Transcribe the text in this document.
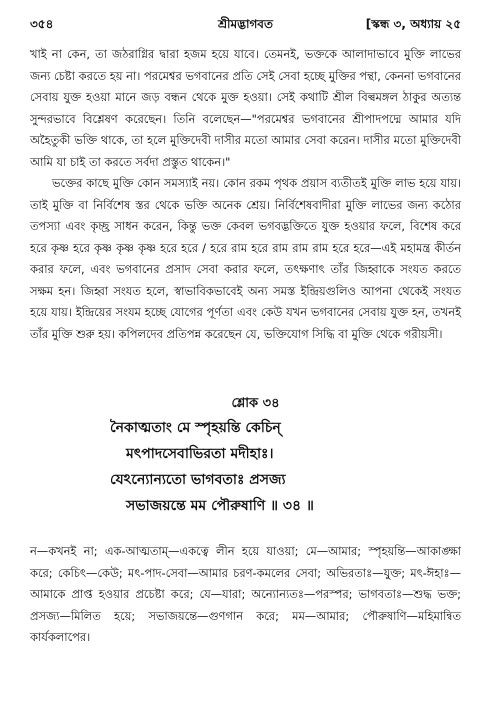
৩৫৪	শ্রীমদ্ভাগবত	[স্কন্ধ ৩, অধ্যায় ২৫

খাই না কেন, তা জঠরাগ্নির দ্বারা হজম হয়ে যাবে। তেমনই, ভক্তকে আলাদাভাবে মুক্তি লাভের জন্য চেষ্টা করতে হয় না। পরমেশ্বর ভগবানের প্রতি সেই সেবা হচ্ছে মুক্তির পন্থা, কেননা ভগবানের সেবায় যুক্ত হওয়া মানে জড় বন্ধন থেকে মুক্ত হওয়া। সেই কথাটি শ্রীল বিল্বমঙ্গল ঠাকুর অত্যন্ত সুন্দরভাবে বিশ্লেষণ করেছেন। তিনি বলেছেন—"পরমেশ্বর ভগবানের শ্রীপাদপদ্মে আমার যদি অহৈতুকী ভক্তি থাকে, তা হলে মুক্তিদেবী দাসীর মতো আমার সেবা করেন। দাসীর মতো মুক্তিদেবী আমি যা চাই তা করতে সর্বদা প্রস্তুত থাকেন।"

ভক্তের কাছে মুক্তি কোন সমস্যাই নয়। কোন রকম পৃথক প্রয়াস ব্যতীতই মুক্তি লাভ হয়ে যায়। তাই মুক্তি বা নির্বিশেষ স্তর থেকে ভক্তি অনেক শ্রেয়। নির্বিশেষবাদীরা মুক্তি লাভের জন্য কঠোর তপস্যা এবং কৃচ্ছ্র সাধন করেন, কিন্তু ভক্ত কেবল ভগবদ্ভক্তিতে যুক্ত হওয়ার ফলে, বিশেষ করে হরে কৃষ্ণ হরে কৃষ্ণ কৃষ্ণ কৃষ্ণ হরে হরে / হরে রাম হরে রাম রাম রাম হরে হরে—এই মহামন্ত্র কীর্তন করার ফলে, এবং ভগবানের প্রসাদ সেবা করার ফলে, তৎক্ষণাৎ তাঁর জিহ্বাকে সংযত করতে সক্ষম হন। জিহ্বা সংযত হলে, স্বাভাবিকভাবেই অন্য সমস্ত ইন্দ্রিয়গুলিও আপনা থেকেই সংযত হয়ে যায়। ইন্দ্রিয়ের সংযম হচ্ছে যোগের পূর্ণতা এবং কেউ যখন ভগবানের সেবায় যুক্ত হন, তখনই তাঁর মুক্তি শুরু হয়। কপিলদেব প্রতিপন্ন করেছেন যে, ভক্তিযোগ সিদ্ধি বা মুক্তি থেকে গরীয়সী।

শ্লোক ৩৪
নৈকাত্মতাং মে স্পৃহয়ন্তি কেচিন্
মৎপাদসেবাভিরতা মদীহাঃ।
যেঽন্যোন্যতো ভাগবতাঃ প্রসজ্য
সভাজয়ন্তে মম পৌরুষাণি ॥ ৩৪ ॥

ন—কখনই না; এক-আত্মতাম্—একত্বে লীন হয়ে যাওয়া; মে—আমার; স্পৃহয়ন্তি—আকাঙ্ক্ষা করে; কেচিৎ—কেউ; মৎ-পাদ-সেবা—আমার চরণ-কমলের সেবা; অভিরতাঃ—যুক্ত; মৎ-ঈহাঃ—আমাকে প্রাপ্ত হওয়ার প্রচেষ্টা করে; যে—যারা; অন্যোন্যতঃ—পরস্পর; ভাগবতাঃ—শুদ্ধ ভক্ত; প্রসজ্য—মিলিত হয়ে; সভাজয়ন্তে—গুণগান করে; মম—আমার; পৌরুষাণি—মহিমান্বিত কার্যকলাপের।
